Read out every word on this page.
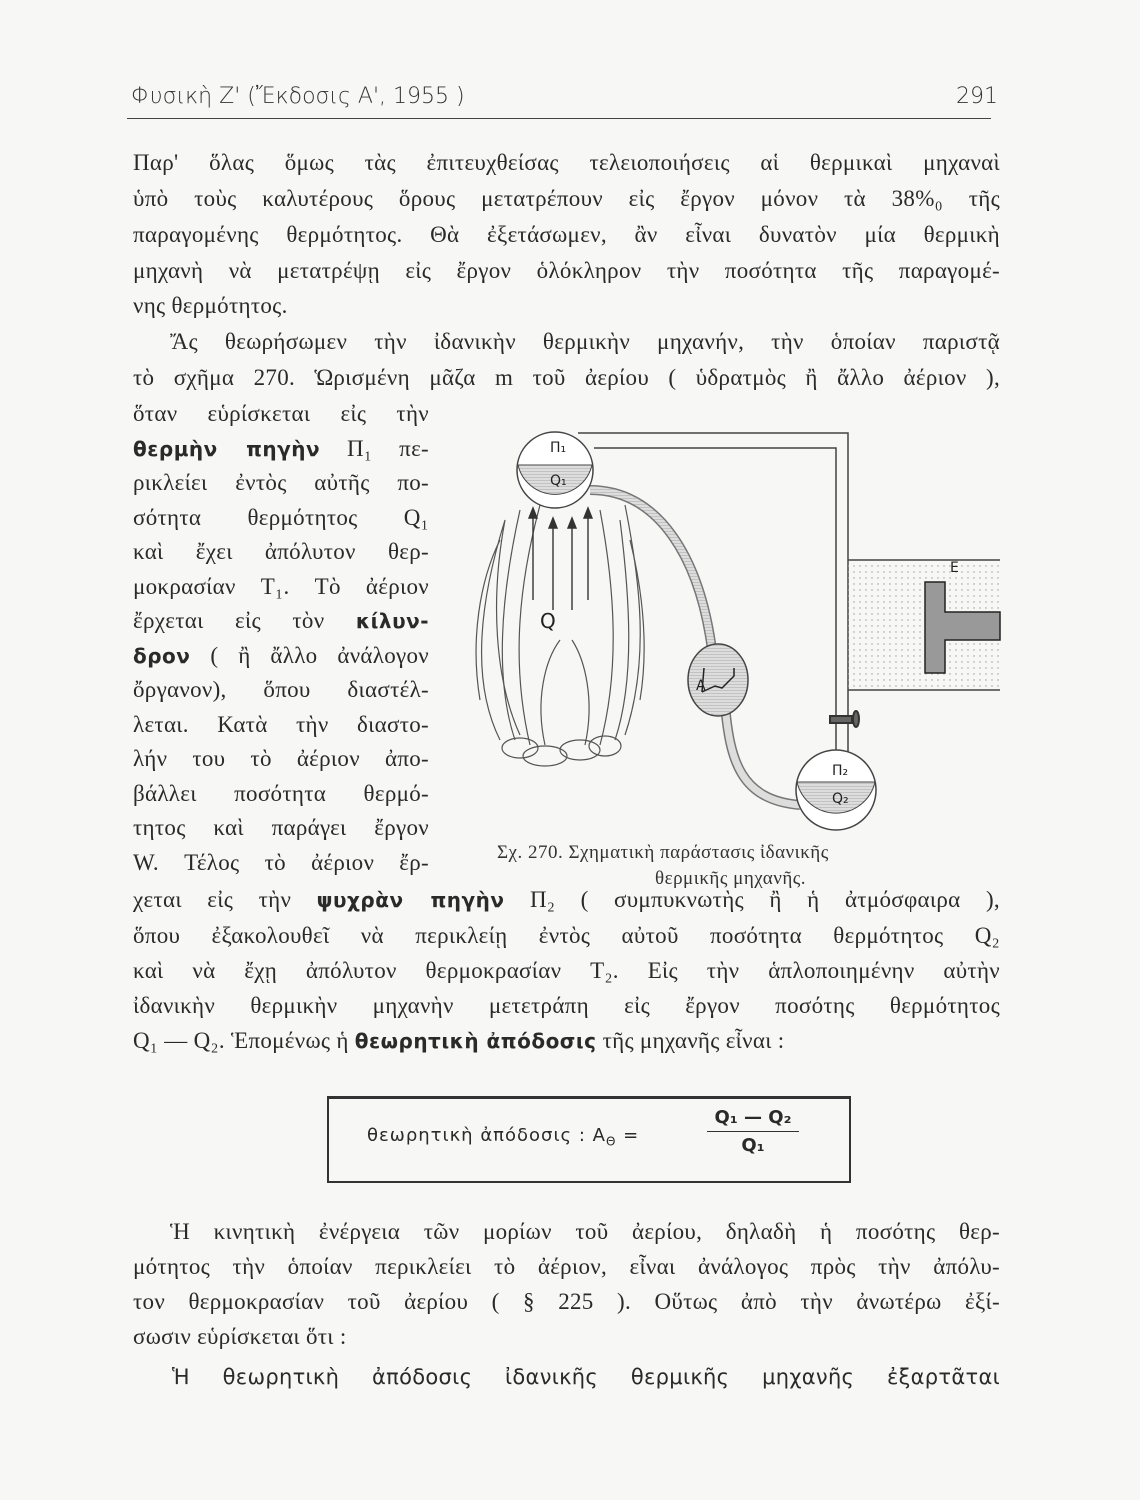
Φυσικὴ Ζ' (Ἔκδοσις Α', 1955 )	291
Παρ' ὅλας ὅμως τὰς ἐπιτευχθείσας τελειοποιήσεις αἱ θερμικαὶ μηχαναὶ
ὑπὸ τοὺς καλυτέρους ὅρους μετατρέπουν εἰς ἔργον μόνον τὰ 38%₀ τῆς
παραγομένης θερμότητος. Θὰ ἐξετάσωμεν, ἂν εἶναι δυνατὸν μία θερμικὴ
μηχανὴ νὰ μετατρέψῃ εἰς ἔργον ὁλόκληρον τὴν ποσότητα τῆς παραγομέ-
νης θερμότητος.
Ἄς θεωρήσωμεν τὴν ἰδανικὴν θερμικὴν μηχανήν, τὴν ὁποίαν παριστᾷ
τὸ σχῆμα 270. Ὡρισμένη μᾶζα m τοῦ ἀερίου ( ὑδρατμὸς ἢ ἄλλο ἀέριον ),
ὅταν εὑρίσκεται εἰς τὴν
θερμὴν πηγὴν Π₁ πε-
ρικλείει ἐντὸς αὐτῆς πο-
σότητα θερμότητος Q₁
καὶ ἔχει ἀπόλυτον θερ-
μοκρασίαν T₁. Τὸ ἀέριον
ἔρχεται εἰς τὸν κίλυν-
δρον ( ἢ ἄλλο ἀνάλογον
ὄργανον), ὅπου διαστέλ-
λεται. Κατὰ τὴν διαστο-
λήν του τὸ ἀέριον ἀπο-
βάλλει ποσότητα θερμό-
τητος καὶ παράγει ἔργον
W. Τέλος τὸ ἀέριον ἔρ-
χεται εἰς τὴν ψυχρὰν πηγὴν Π₂ ( συμπυκνωτὴς ἢ ἡ ἀτμόσφαιρα ),
ὅπου ἐξακολουθεῖ νὰ περικλείῃ ἐντὸς αὐτοῦ ποσότητα θερμότητος Q₂
καὶ νὰ ἔχῃ ἀπόλυτον θερμοκρασίαν T₂. Εἰς τὴν ἁπλοποιημένην αὐτὴν
ἰδανικὴν θερμικὴν μηχανὴν μετετράπη εἰς ἔργον ποσότης θερμότητος
Q₁ — Q₂. Ἑπομένως ἡ θεωρητικὴ ἀπόδοσις τῆς μηχανῆς εἶναι :
Ἡ κινητικὴ ἐνέργεια τῶν μορίων τοῦ ἀερίου, δηλαδὴ ἡ ποσότης θερ-
μότητος τὴν ὁποίαν περικλείει τὸ ἀέριον, εἶναι ἀνάλογος πρὸς τὴν ἀπόλυ-
τον θερμοκρασίαν τοῦ ἀερίου ( § 225 ). Οὕτως ἀπὸ τὴν ἀνωτέρω ἐξί-
σωσιν εὑρίσκεται ὅτι :
Ἡ θεωρητικὴ ἀπόδοσις ἰδανικῆς θερμικῆς μηχανῆς ἐξαρτᾶται
Π₁
Q₁
Q
Α
Ε
Π₂
Q₂
Σχ. 270. Σχηματικὴ παράστασις ἰδανικῆς
θερμικῆς μηχανῆς.
θεωρητικὴ ἀπόδοσις : $A_\Theta$ =	$\frac{\text{Q₁ — Q₂}}{\text{Q₁}}$
